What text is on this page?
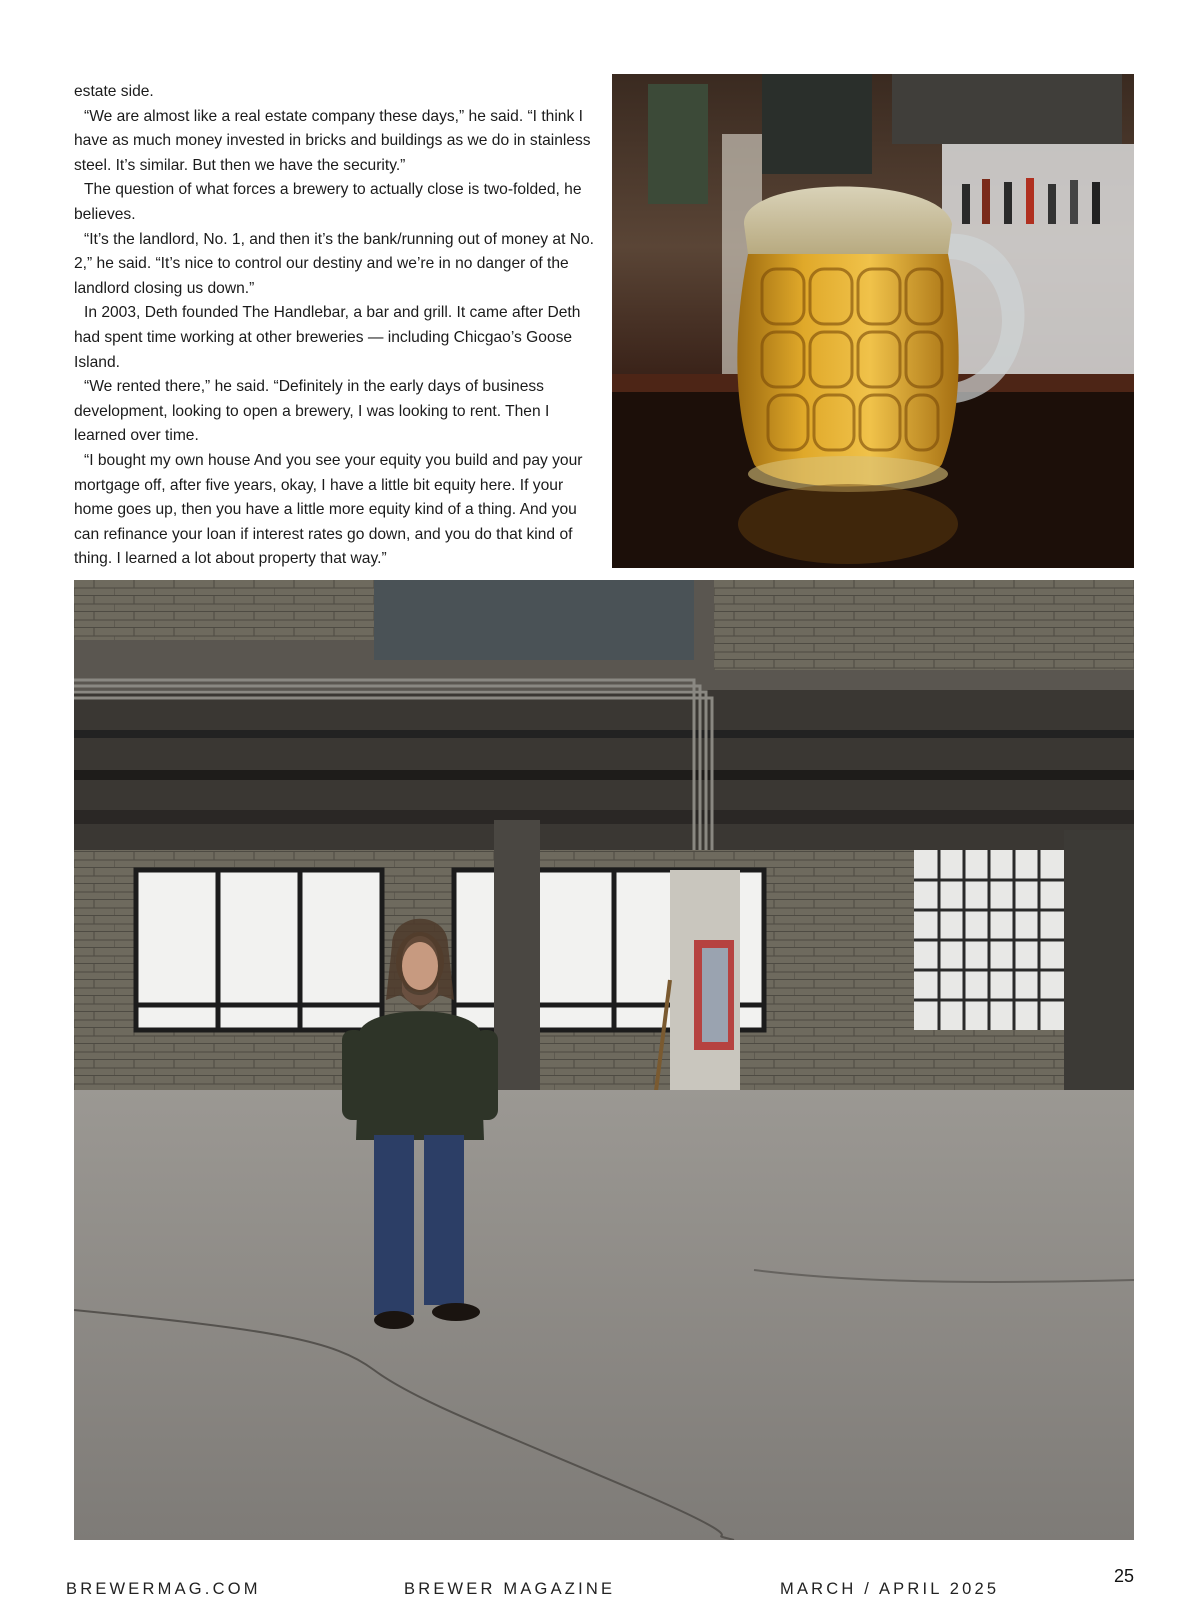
estate side.

“We are almost like a real estate company these days,” he said. “I think I have as much money invested in bricks and buildings as we do in stainless steel. It’s similar. But then we have the security.”

The question of what forces a brewery to actually close is two-folded, he believes.

“It’s the landlord, No. 1, and then it’s the bank/running out of money at No. 2,” he said. “It’s nice to control our destiny and we’re in no danger of the landlord closing us down.”

In 2003, Deth founded The Handlebar, a bar and grill. It came after Deth had spent time working at other breweries — including Chicgao’s Goose Island.

“We rented there,” he said. “Definitely in the early days of business development, looking to open a brewery, I was looking to rent. Then I learned over time.

“I bought my own house And you see your equity you build and pay your mortgage off, after five years, okay, I have a little bit equity here. If your home goes up, then you have a little more equity kind of a thing. And you can refinance your loan if interest rates go down, and you do that kind of thing. I learned a lot about property that way.”

BREWERMAG.COM	BREWER MAGAZINE	MARCH / APRIL 2025
25
